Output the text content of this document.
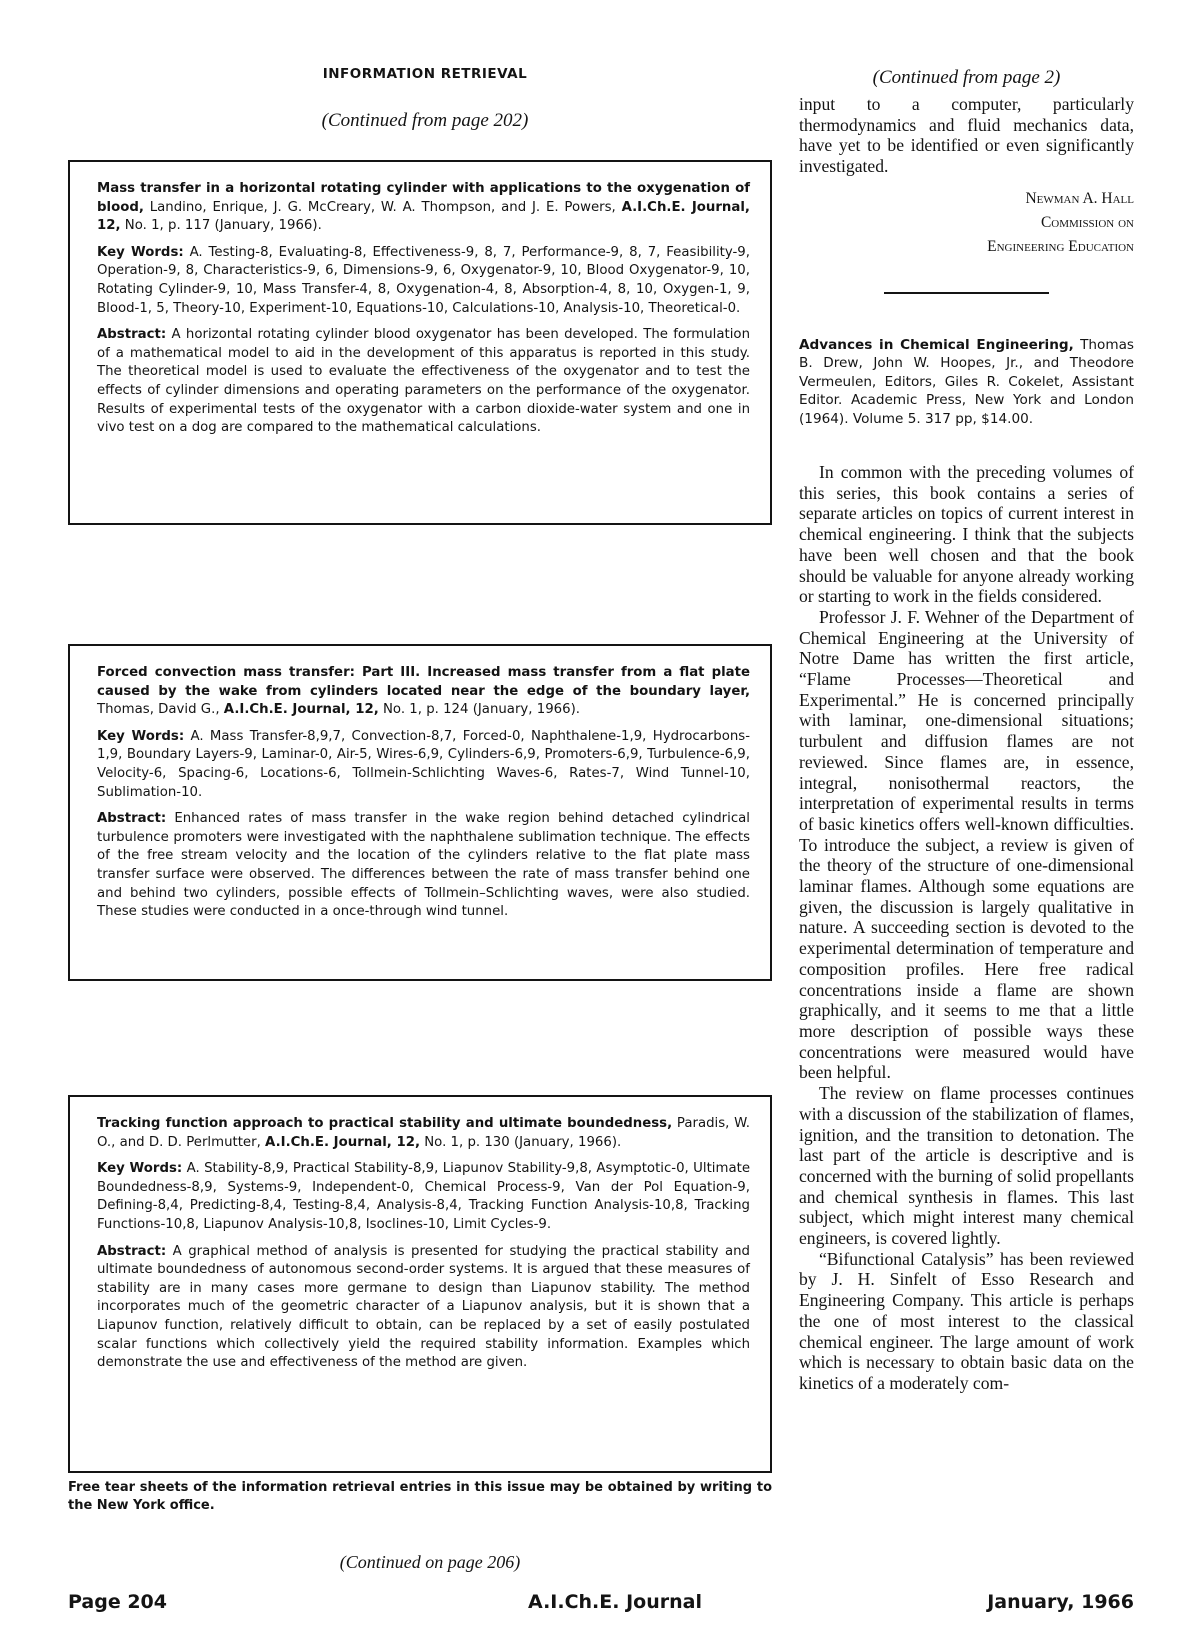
INFORMATION RETRIEVAL
(Continued from page 202)

Mass transfer in a horizontal rotating cylinder with applications to the oxygenation of blood, Landino, Enrique, J. G. McCreary, W. A. Thompson, and J. E. Powers, A.I.Ch.E. Journal, 12, No. 1, p. 117 (January, 1966).

Key Words: A. Testing-8, Evaluating-8, Effectiveness-9, 8, 7, Performance-9, 8, 7, Feasibility-9, Operation-9, 8, Characteristics-9, 6, Dimensions-9, 6, Oxygenator-9, 10, Blood Oxygenator-9, 10, Rotating Cylinder-9, 10, Mass Transfer-4, 8, Oxygenation-4, 8, Absorption-4, 8, 10, Oxygen-1, 9, Blood-1, 5, Theory-10, Experiment-10, Equations-10, Calculations-10, Analysis-10, Theoretical-0.

Abstract: A horizontal rotating cylinder blood oxygenator has been developed. The formulation of a mathematical model to aid in the development of this apparatus is reported in this study. The theoretical model is used to evaluate the effectiveness of the oxygenator and to test the effects of cylinder dimensions and operating parameters on the performance of the oxygenator. Results of experimental tests of the oxygenator with a carbon dioxide-water system and one in vivo test on a dog are compared to the mathematical calculations.

Forced convection mass transfer: Part III. Increased mass transfer from a flat plate caused by the wake from cylinders located near the edge of the boundary layer, Thomas, David G., A.I.Ch.E. Journal, 12, No. 1, p. 124 (January, 1966).

Key Words: A. Mass Transfer-8,9,7, Convection-8,7, Forced-0, Naphthalene-1,9, Hydrocarbons-1,9, Boundary Layers-9, Laminar-0, Air-5, Wires-6,9, Cylinders-6,9, Promoters-6,9, Turbulence-6,9, Velocity-6, Spacing-6, Locations-6, Tollmein-Schlichting Waves-6, Rates-7, Wind Tunnel-10, Sublimation-10.

Abstract: Enhanced rates of mass transfer in the wake region behind detached cylindrical turbulence promoters were investigated with the naphthalene sublimation technique. The effects of the free stream velocity and the location of the cylinders relative to the flat plate mass transfer surface were observed. The differences between the rate of mass transfer behind one and behind two cylinders, possible effects of Tollmein–Schlichting waves, were also studied. These studies were conducted in a once-through wind tunnel.

Tracking function approach to practical stability and ultimate boundedness, Paradis, W. O., and D. D. Perlmutter, A.I.Ch.E. Journal, 12, No. 1, p. 130 (January, 1966).

Key Words: A. Stability-8,9, Practical Stability-8,9, Liapunov Stability-9,8, Asymptotic-0, Ultimate Boundedness-8,9, Systems-9, Independent-0, Chemical Process-9, Van der Pol Equation-9, Defining-8,4, Predicting-8,4, Testing-8,4, Analysis-8,4, Tracking Function Analysis-10,8, Tracking Functions-10,8, Liapunov Analysis-10,8, Isoclines-10, Limit Cycles-9.

Abstract: A graphical method of analysis is presented for studying the practical stability and ultimate boundedness of autonomous second-order systems. It is argued that these measures of stability are in many cases more germane to design than Liapunov stability. The method incorporates much of the geometric character of a Liapunov analysis, but it is shown that a Liapunov function, relatively difficult to obtain, can be replaced by a set of easily postulated scalar functions which collectively yield the required stability information. Examples which demonstrate the use and effectiveness of the method are given.

Free tear sheets of the information retrieval entries in this issue may be obtained by writing to the New York office.
(Continued on page 206)
(Continued from page 2)

input to a computer, particularly thermodynamics and fluid mechanics data, have yet to be identified or even significantly investigated.

Newman A. Hall
Commission on
Engineering Education
Advances in Chemical Engineering, Thomas B. Drew, John W. Hoopes, Jr., and Theodore Vermeulen, Editors, Giles R. Cokelet, Assistant Editor. Academic Press, New York and London (1964). Volume 5. 317 pp, $14.00.

In common with the preceding volumes of this series, this book contains a series of separate articles on topics of current interest in chemical engineering. I think that the subjects have been well chosen and that the book should be valuable for anyone already working or starting to work in the fields considered.

Professor J. F. Wehner of the Department of Chemical Engineering at the University of Notre Dame has written the first article, “Flame Processes—Theoretical and Experimental.” He is concerned principally with laminar, one-dimensional situations; turbulent and diffusion flames are not reviewed. Since flames are, in essence, integral, nonisothermal reactors, the interpretation of experimental results in terms of basic kinetics offers well-known difficulties. To introduce the subject, a review is given of the theory of the structure of one-dimensional laminar flames. Although some equations are given, the discussion is largely qualitative in nature. A succeeding section is devoted to the experimental determination of temperature and composition profiles. Here free radical concentrations inside a flame are shown graphically, and it seems to me that a little more description of possible ways these concentrations were measured would have been helpful.

The review on flame processes continues with a discussion of the stabilization of flames, ignition, and the transition to detonation. The last part of the article is descriptive and is concerned with the burning of solid propellants and chemical synthesis in flames. This last subject, which might interest many chemical engineers, is covered lightly.

“Bifunctional Catalysis” has been reviewed by J. H. Sinfelt of Esso Research and Engineering Company. This article is perhaps the one of most interest to the classical chemical engineer. The large amount of work which is necessary to obtain basic data on the kinetics of a moderately com-

Page 204	A.I.Ch.E. Journal	January, 1966
